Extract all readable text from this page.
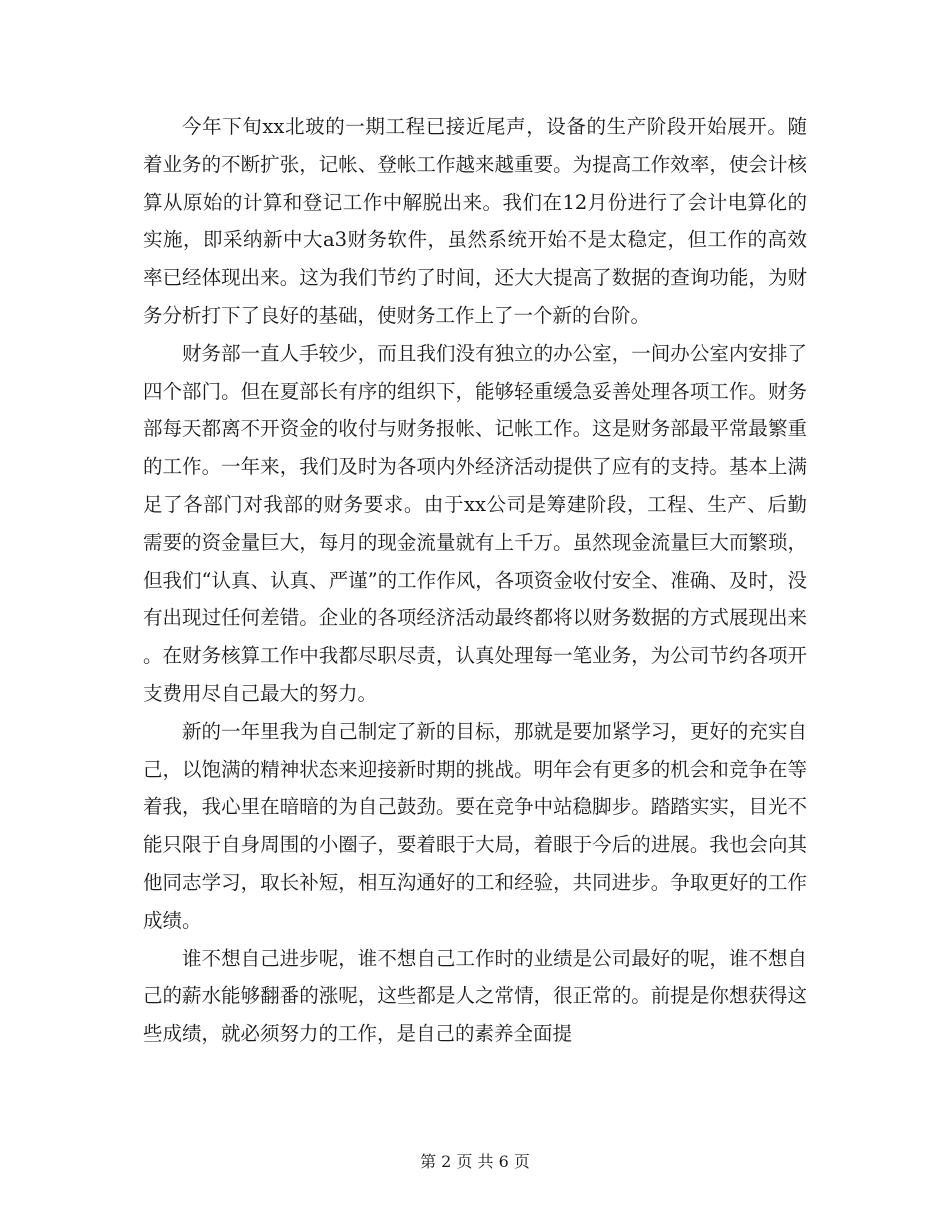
今年下旬xx北玻的一期工程已接近尾声，设备的生产阶段开始展开。随着业务的不断扩张，记帐、登帐工作越来越重要。为提高工作效率，使会计核算从原始的计算和登记工作中解脱出来。我们在12月份进行了会计电算化的实施，即采纳新中大a3财务软件，虽然系统开始不是太稳定，但工作的高效率已经体现出来。这为我们节约了时间，还大大提高了数据的查询功能，为财务分析打下了良好的基础，使财务工作上了一个新的台阶。

财务部一直人手较少，而且我们没有独立的办公室，一间办公室内安排了四个部门。但在夏部长有序的组织下，能够轻重缓急妥善处理各项工作。财务部每天都离不开资金的收付与财务报帐、记帐工作。这是财务部最平常最繁重的工作。一年来，我们及时为各项内外经济活动提供了应有的支持。基本上满足了各部门对我部的财务要求。由于xx公司是筹建阶段，工程、生产、后勤需要的资金量巨大，每月的现金流量就有上千万。虽然现金流量巨大而繁琐，但我们“认真、认真、严谨”的工作作风，各项资金收付安全、准确、及时，没有出现过任何差错。企业的各项经济活动最终都将以财务数据的方式展现出来。在财务核算工作中我都尽职尽责，认真处理每一笔业务，为公司节约各项开支费用尽自己最大的努力。

新的一年里我为自己制定了新的目标，那就是要加紧学习，更好的充实自己，以饱满的精神状态来迎接新时期的挑战。明年会有更多的机会和竞争在等着我，我心里在暗暗的为自己鼓劲。要在竞争中站稳脚步。踏踏实实，目光不能只限于自身周围的小圈子，要着眼于大局，着眼于今后的进展。我也会向其他同志学习，取长补短，相互沟通好的工和经验，共同进步。争取更好的工作成绩。

谁不想自己进步呢，谁不想自己工作时的业绩是公司最好的呢，谁不想自己的薪水能够翻番的涨呢，这些都是人之常情，很正常的。前提是你想获得这些成绩，就必须努力的工作，是自己的素养全面提

第 2 页 共 6 页
